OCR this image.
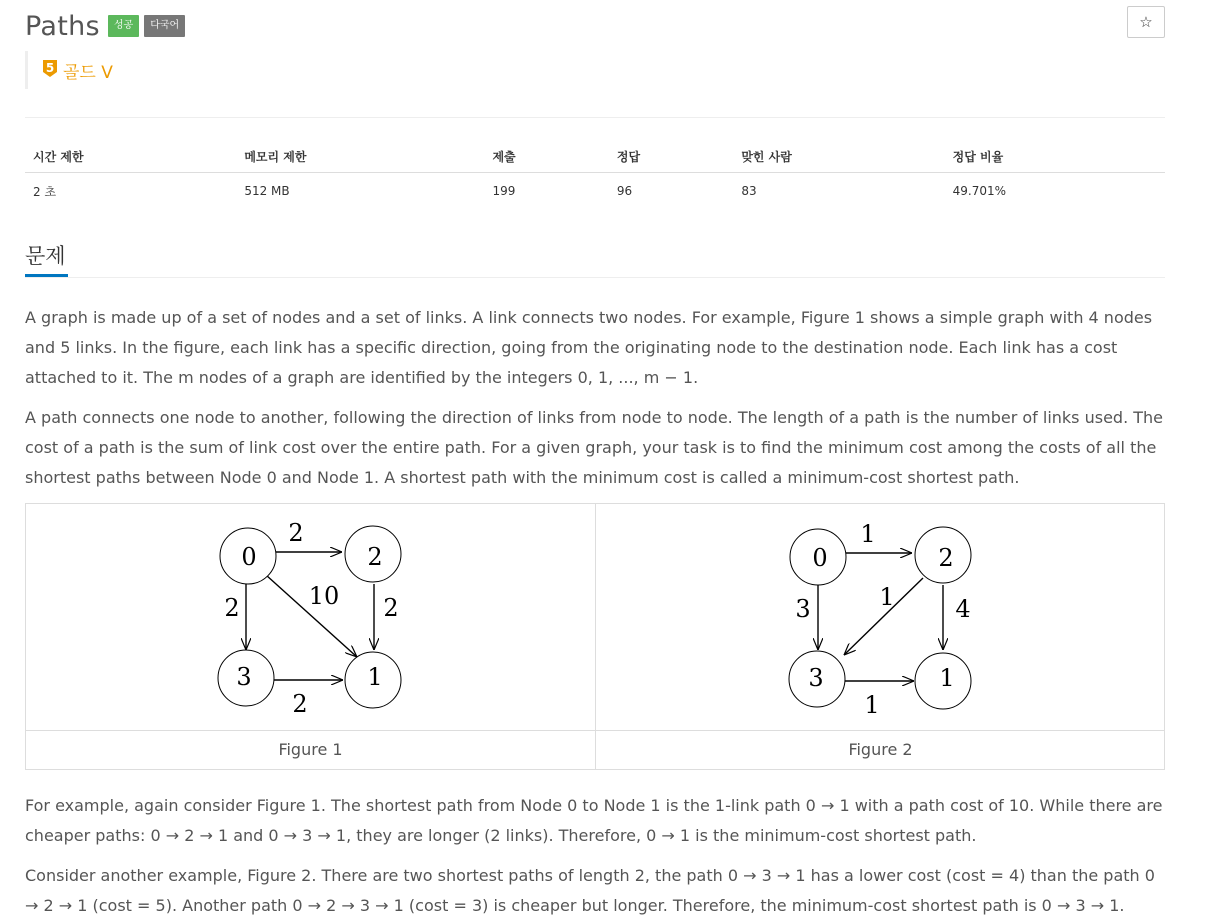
Paths	성공	다국어	☆
5 골드 V
시간 제한	메모리 제한	제출	정답	맞힌 사람	정답 비율
2 초	512 MB	199	96	83	49.701%
문제

A graph is made up of a set of nodes and a set of links. A link connects two nodes. For example, Figure 1 shows a simple graph with 4 nodes and 5 links. In the figure, each link has a specific direction, going from the originating node to the destination node. Each link has a cost attached to it. The m nodes of a graph are identified by the integers 0, 1, ..., m − 1.

A path connects one node to another, following the direction of links from node to node. The length of a path is the number of links used. The cost of a path is the sum of link cost over the entire path. For a given graph, your task is to find the minimum cost among the costs of all the shortest paths between Node 0 and Node 1. A shortest path with the minimum cost is called a minimum-cost shortest path.

0	2
3	1
2
2	10 2
2
Figure 1
0	2
3	1
1
3	1	4
1
Figure 2

For example, again consider Figure 1. The shortest path from Node 0 to Node 1 is the 1-link path 0 → 1 with a path cost of 10. While there are cheaper paths: 0 → 2 → 1 and 0 → 3 → 1, they are longer (2 links). Therefore, 0 → 1 is the minimum-cost shortest path.

Consider another example, Figure 2. There are two shortest paths of length 2, the path 0 → 3 → 1 has a lower cost (cost = 4) than the path 0 → 2 → 1 (cost = 5). Another path 0 → 2 → 3 → 1 (cost = 3) is cheaper but longer. Therefore, the minimum-cost shortest path is 0 → 3 → 1.
